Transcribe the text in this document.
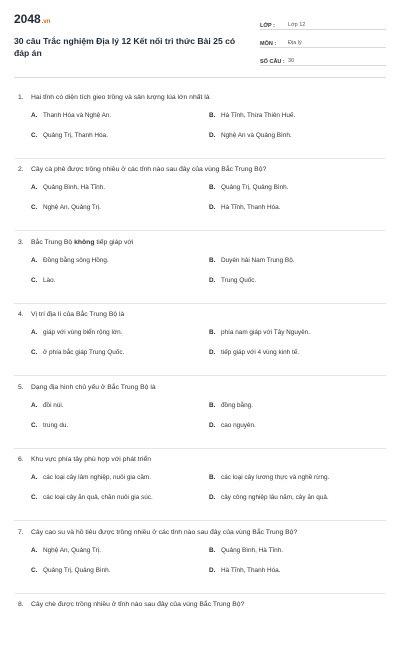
2048.vn
30 câu Trắc nghiệm Địa lý 12 Kết nối tri thức Bài 25 có đáp án
LỚP :	Lớp 12
MÔN :	Địa lý
SỐ CÂU : 30
1.	Hai tỉnh có diện tích gieo trồng và sản lượng lúa lớn nhất là
A. Thanh Hóa và Nghệ An.	B. Hà Tĩnh, Thừa Thiên Huế.
C. Quảng Trị, Thanh Hóa.	D. Nghệ An và Quảng Bình.
2.	Cây cà phê được trồng nhiều ở các tỉnh nào sau đây của vùng Bắc Trung Bộ?
A. Quảng Bình, Hà Tĩnh.	B. Quảng Trị, Quảng Bình.
C. Nghệ An, Quảng Trị.	D. Hà Tĩnh, Thanh Hóa.
3.	Bắc Trung Bộ không tiếp giáp với
A. Đồng bằng sông Hồng.	B. Duyên hải Nam Trung Bộ.
C. Lào.	D. Trung Quốc.
4.	Vị trí địa lí của Bắc Trung Bộ là
A. giáp với vùng biển rộng lớn.	B. phía nam giáp với Tây Nguyên.
C. ở phía bắc giáp Trung Quốc.	D. tiếp giáp với 4 vùng kinh tế.
5.	Dạng địa hình chủ yếu ở Bắc Trung Bộ là
A. đồi núi.	B. đồng bằng.
C. trung du.	D. cao nguyên.
6.	Khu vực phía tây phù hợp với phát triển
A. các loại cây lâm nghiệp, nuôi gia cầm.	B. các loại cây lương thực và nghề rừng.
C. các loại cây ăn quả, chăn nuôi gia súc.	D. cây công nghiệp lâu năm, cây ăn quả.
7.	Cây cao su và hồ tiêu được trồng nhiều ở các tỉnh nào sau đây của vùng Bắc Trung Bộ?
A. Nghệ An, Quảng Trị.	B. Quảng Bình, Hà Tĩnh.
C. Quảng Trị, Quảng Bình.	D. Hà Tĩnh, Thanh Hóa.
8.	Cây chè được trồng nhiều ở tỉnh nào sau đây của vùng Bắc Trung Bộ?
